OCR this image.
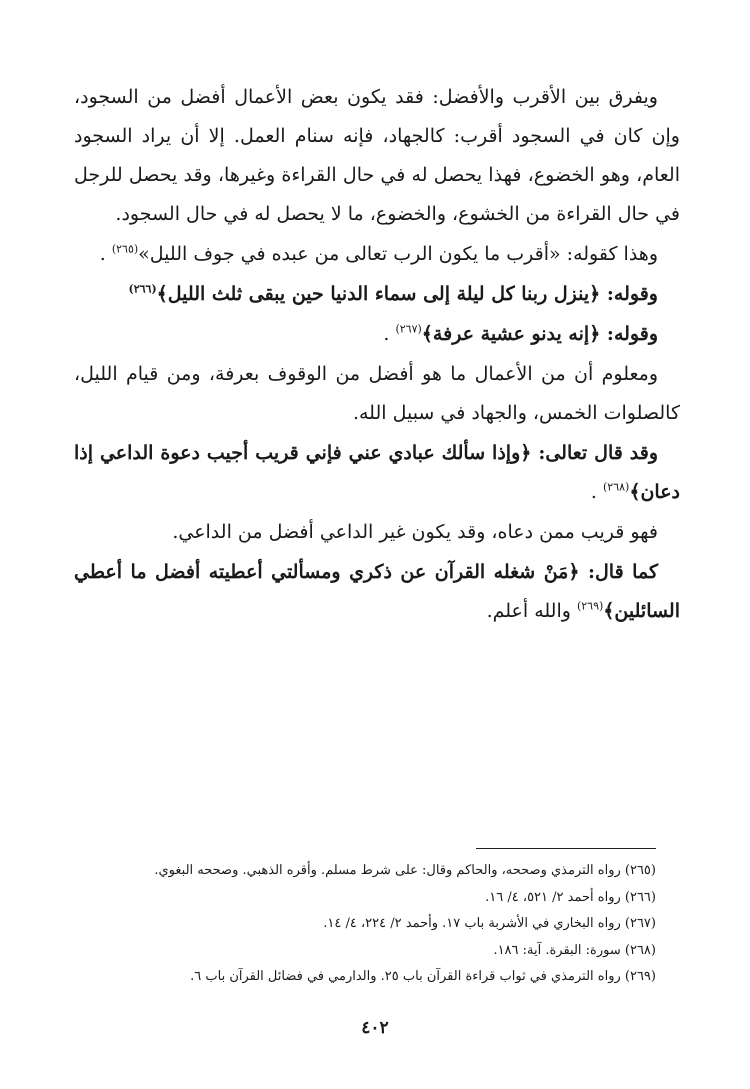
ويفرق بين الأقرب والأفضل: فقد يكون بعض الأعمال أفضل من السجود، وإن كان في السجود أقرب: كالجهاد، فإنه سنام العمل. إلا أن يراد السجود العام، وهو الخضوع، فهذا يحصل له في حال القراءة وغيرها، وقد يحصل للرجل في حال القراءة من الخشوع، والخضوع، ما لا يحصل له في حال السجود.

وهذا كقوله: «أقرب ما يكون الرب تعالى من عبده في جوف الليل»$^{(٢٦٥)}$ .

وقوله: ﴿ينزل ربنا كل ليلة إلى سماء الدنيا حين يبقى ثلث الليل﴾$^{(٢٦٦)}$

وقوله: ﴿إنه يدنو عشية عرفة﴾$^{(٢٦٧)}$ .

ومعلوم أن من الأعمال ما هو أفضل من الوقوف بعرفة، ومن قيام الليل، كالصلوات الخمس، والجهاد في سبيل الله.

وقد قال تعالى: ﴿وإذا سألك عبادي عني فإني قريب أجيب دعوة الداعي إذا دعان﴾$^{(٢٦٨)}$ .

فهو قريب ممن دعاه، وقد يكون غير الداعي أفضل من الداعي.

كما قال: ﴿مَنْ شغله القرآن عن ذكري ومسألتي أعطيته أفضل ما أعطي السائلين﴾$^{(٢٦٩)}$ والله أعلم.

(٢٦٥) رواه الترمذي وصححه، والحاكم وقال: على شرط مسلم. وأقره الذهبي. وصححه البغوي.
(٢٦٦) رواه أحمد ٢/ ٥٢١، ٤/ ١٦.
(٢٦٧) رواه البخاري في الأشربة باب ١٧. وأحمد ٢/ ٢٢٤، ٤/ ١٤.
(٢٦٨) سورة: البقرة. آية: ١٨٦.
(٢٦٩) رواه الترمذي في ثواب قراءة القرآن باب ٢٥. والدارمي في فضائل القرآن باب ٦.
٤٠٢
